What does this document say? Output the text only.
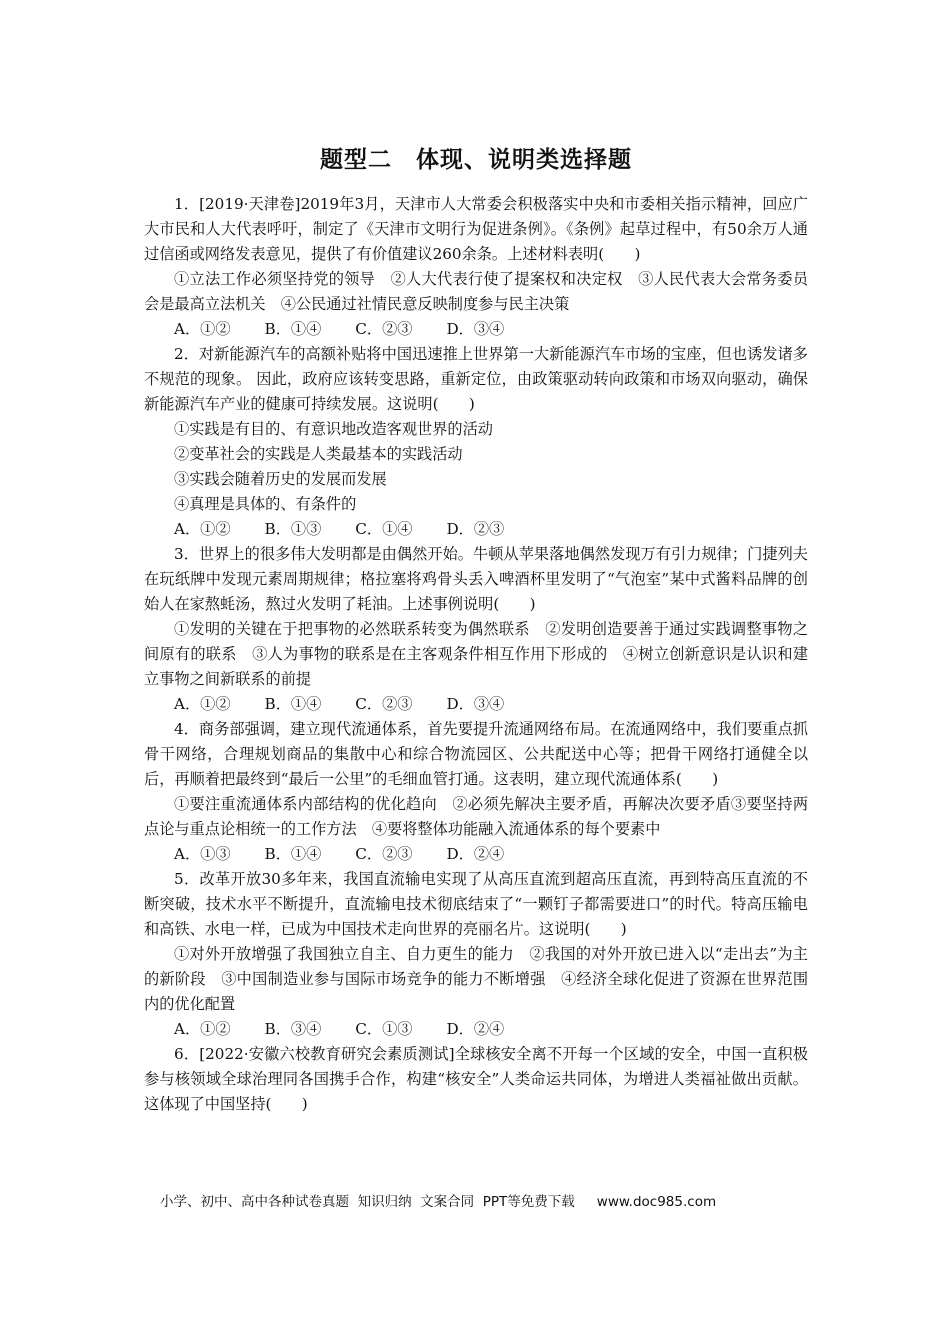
题型二　体现、说明类选择题
1．[2019·天津卷]2019年3月，天津市人大常委会积极落实中央和市委相关指示精神，回应广大市民和人大代表呼吁，制定了《天津市文明行为促进条例》。《条例》起草过程中，有50余万人通过信函或网络发表意见，提供了有价值建议260余条。上述材料表明(　　)
①立法工作必须坚持党的领导　②人大代表行使了提案权和决定权　③人民代表大会常务委员会是最高立法机关　④公民通过社情民意反映制度参与民主决策
A．①② B．①④ C．②③ D．③④
2．对新能源汽车的高额补贴将中国迅速推上世界第一大新能源汽车市场的宝座，但也诱发诸多不规范的现象。 因此，政府应该转变思路，重新定位，由政策驱动转向政策和市场双向驱动，确保新能源汽车产业的健康可持续发展。这说明(　　)
①实践是有目的、有意识地改造客观世界的活动
②变革社会的实践是人类最基本的实践活动
③实践会随着历史的发展而发展
④真理是具体的、有条件的
A．①② B．①③ C．①④ D．②③
3．世界上的很多伟大发明都是由偶然开始。牛顿从苹果落地偶然发现万有引力规律；门捷列夫在玩纸牌中发现元素周期规律；格拉塞将鸡骨头丢入啤酒杯里发明了“气泡室”某中式酱料品牌的创始人在家熬蚝汤，熬过火发明了耗油。上述事例说明(　　)
①发明的关键在于把事物的必然联系转变为偶然联系　②发明创造要善于通过实践调整事物之间原有的联系　③人为事物的联系是在主客观条件相互作用下形成的　④树立创新意识是认识和建立事物之间新联系的前提
A．①② B．①④ C．②③ D．③④
4．商务部强调，建立现代流通体系，首先要提升流通网络布局。在流通网络中，我们要重点抓骨干网络，合理规划商品的集散中心和综合物流园区、公共配送中心等；把骨干网络打通健全以后，再顺着把最终到“最后一公里”的毛细血管打通。这表明，建立现代流通体系(　　)
①要注重流通体系内部结构的优化趋向　②必须先解决主要矛盾，再解决次要矛盾③要坚持两点论与重点论相统一的工作方法　④要将整体功能融入流通体系的每个要素中
A．①③ B．①④ C．②③ D．②④
5．改革开放30多年来，我国直流输电实现了从高压直流到超高压直流，再到特高压直流的不断突破，技术水平不断提升，直流输电技术彻底结束了“一颗钉子都需要进口”的时代。特高压输电和高铁、水电一样，已成为中国技术走向世界的亮丽名片。这说明(　　)
①对外开放增强了我国独立自主、自力更生的能力　②我国的对外开放已进入以“走出去”为主的新阶段　③中国制造业参与国际市场竞争的能力不断增强　④经济全球化促进了资源在世界范围内的优化配置
A．①② B．③④ C．①③ D．②④
6．[2022·安徽六校教育研究会素质测试]全球核安全离不开每一个区域的安全，中国一直积极参与核领域全球治理同各国携手合作，构建“核安全”人类命运共同体，为增进人类福祉做出贡献。这体现了中国坚持(　　)
小学、初中、高中各种试卷真题  知识归纳  文案合同  PPT等免费下载 www.doc985.com
